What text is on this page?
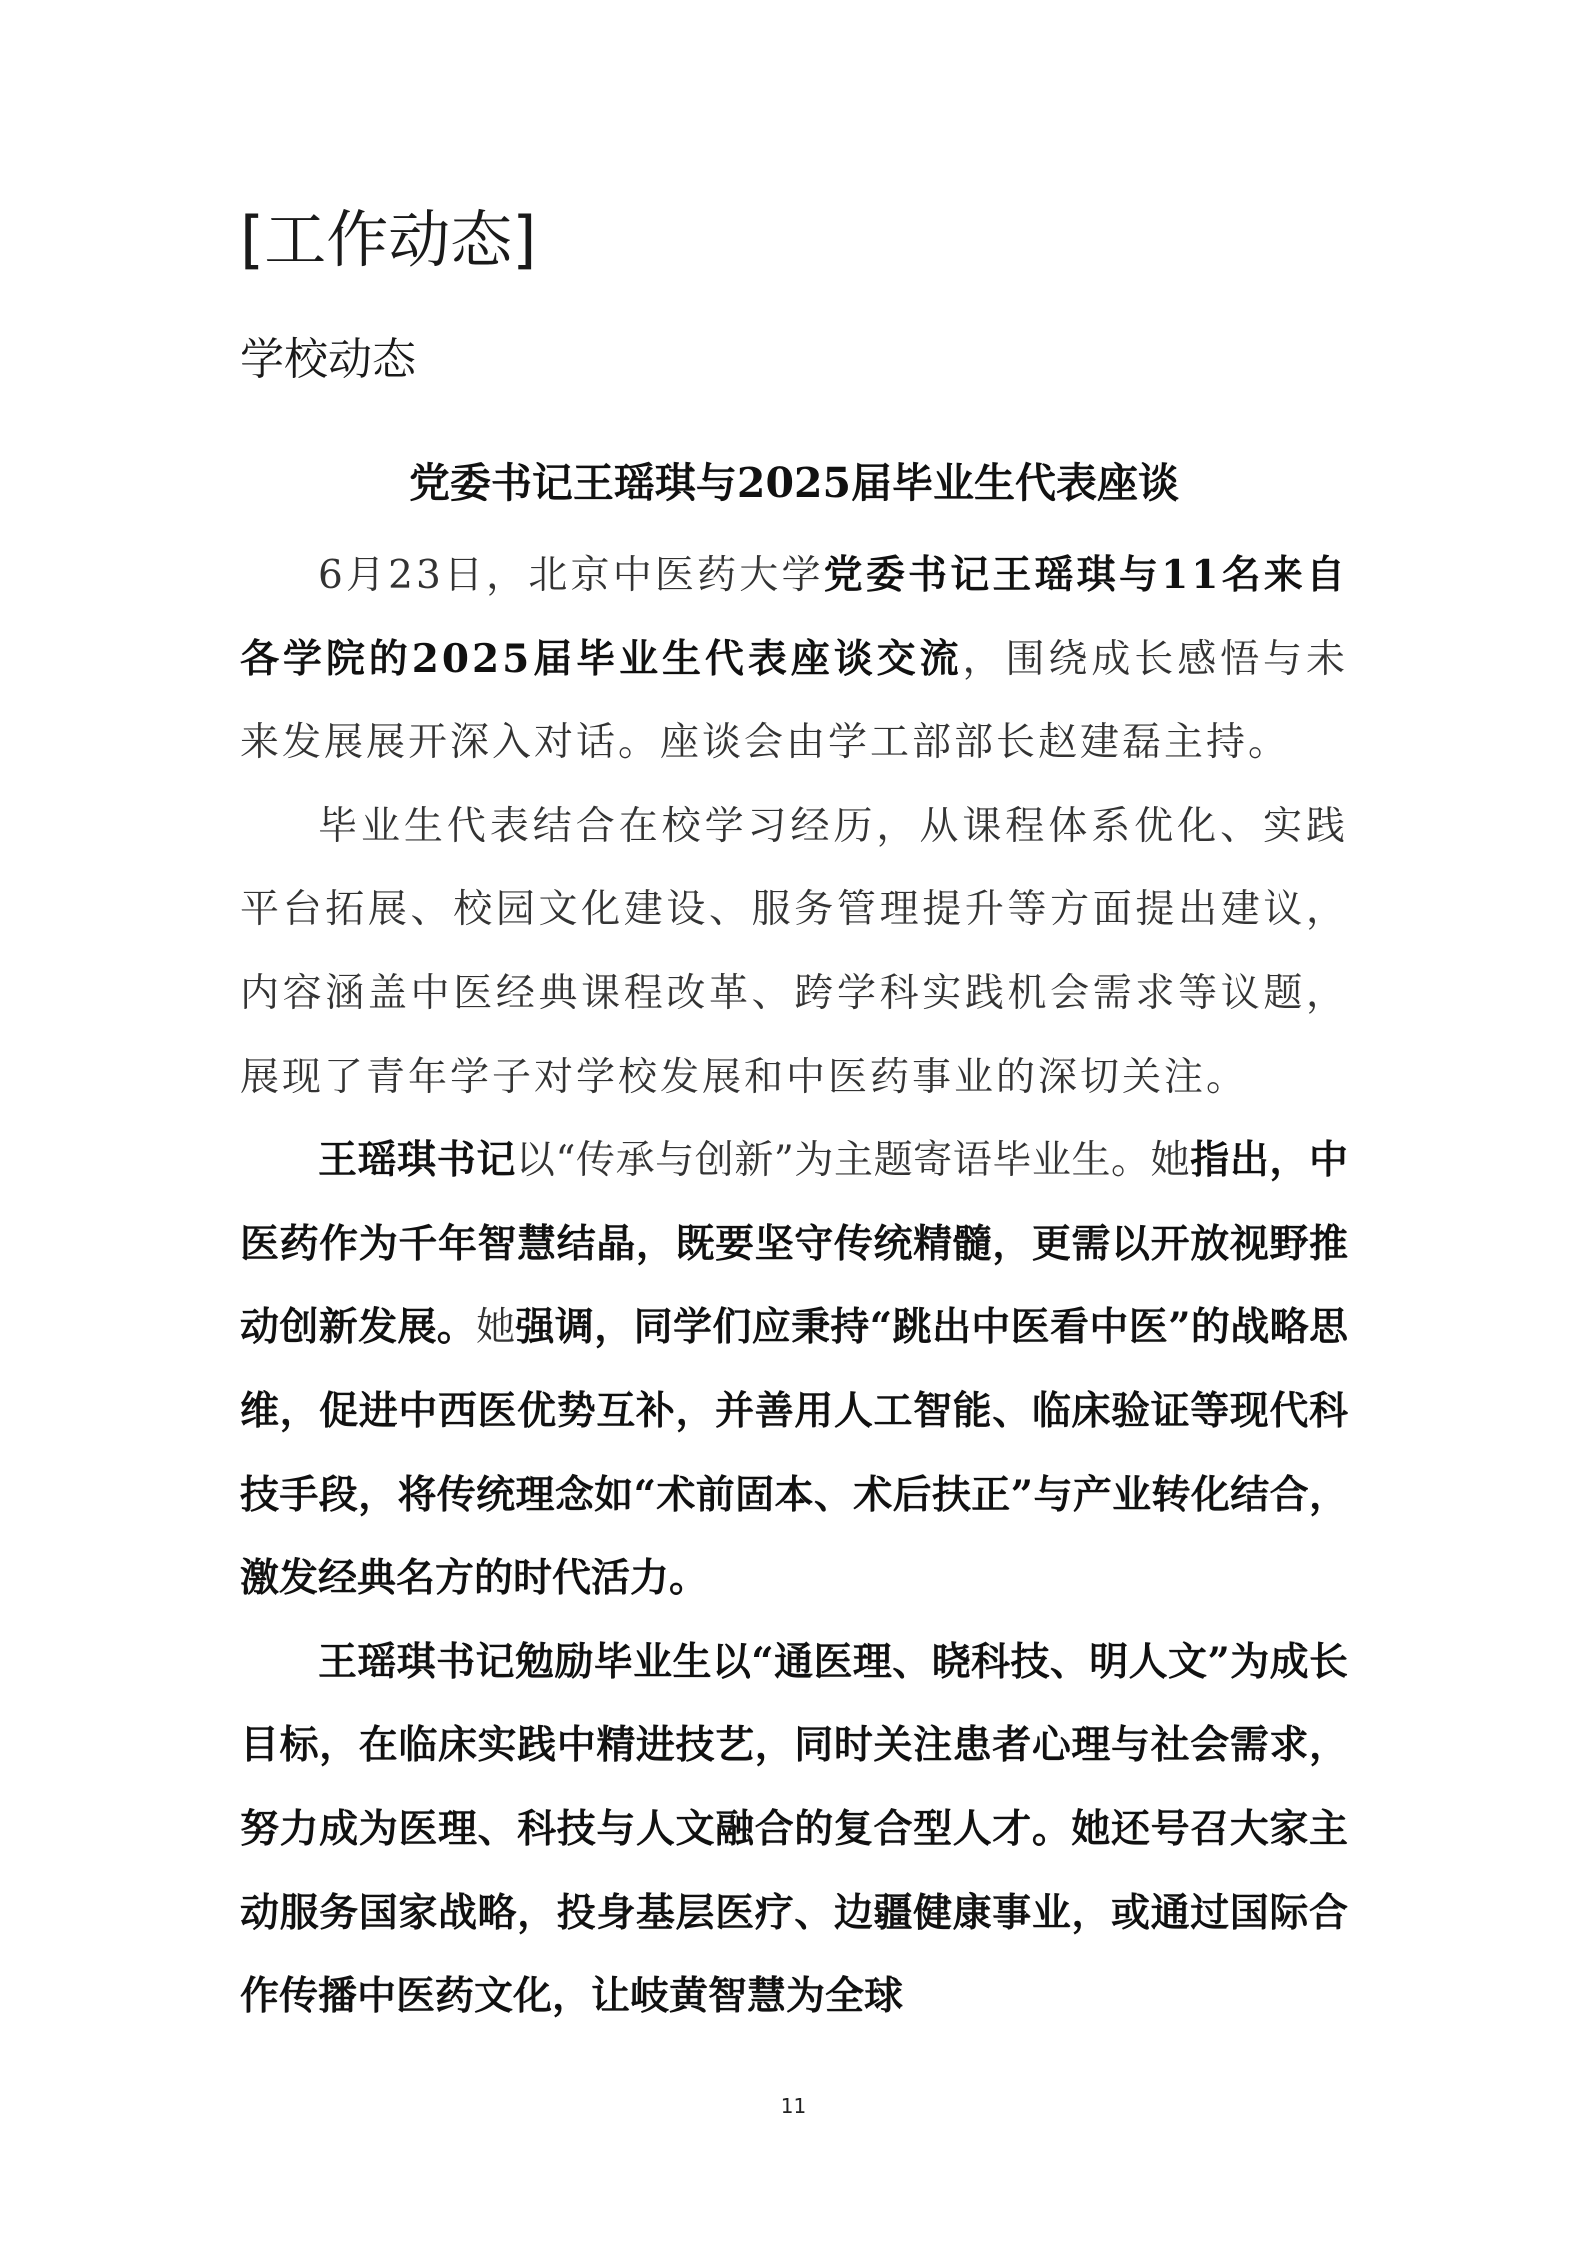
[工作动态]
学校动态
党委书记王瑶琪与2025届毕业生代表座谈

6月23日，北京中医药大学党委书记王瑶琪与11名来自各学院的2025届毕业生代表座谈交流，围绕成长感悟与未来发展展开深入对话。座谈会由学工部部长赵建磊主持。

毕业生代表结合在校学习经历，从课程体系优化、实践平台拓展、校园文化建设、服务管理提升等方面提出建议，内容涵盖中医经典课程改革、跨学科实践机会需求等议题，展现了青年学子对学校发展和中医药事业的深切关注。

王瑶琪书记以“传承与创新”为主题寄语毕业生。她指出，中医药作为千年智慧结晶，既要坚守传统精髓，更需以开放视野推动创新发展。她强调，同学们应秉持“跳出中医看中医”的战略思维，促进中西医优势互补，并善用人工智能、临床验证等现代科技手段，将传统理念如“术前固本、术后扶正”与产业转化结合，激发经典名方的时代活力。

王瑶琪书记勉励毕业生以“通医理、晓科技、明人文”为成长目标，在临床实践中精进技艺，同时关注患者心理与社会需求，努力成为医理、科技与人文融合的复合型人才。她还号召大家主动服务国家战略，投身基层医疗、边疆健康事业，或通过国际合作传播中医药文化，让岐黄智慧为全球

11
